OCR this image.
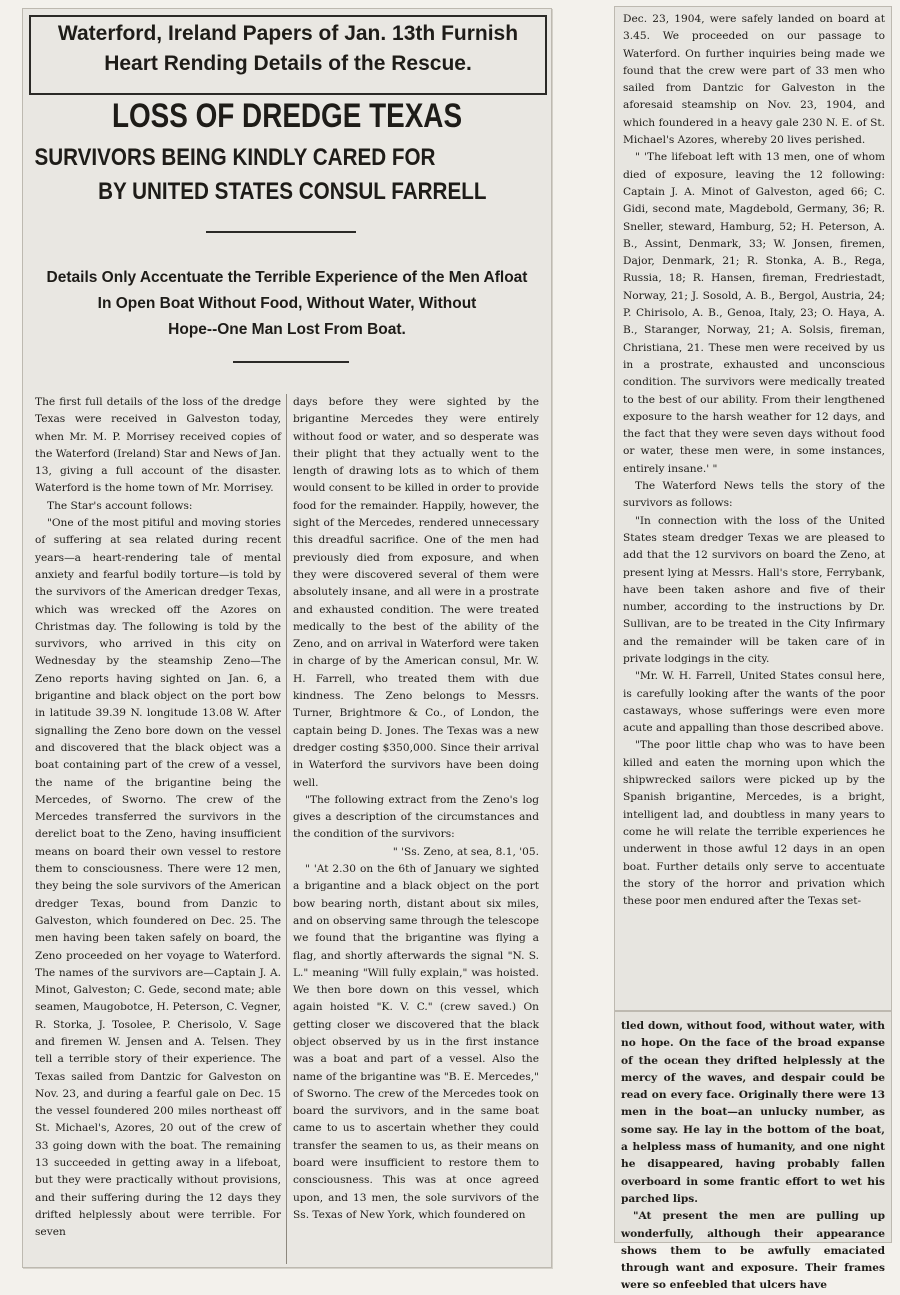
Waterford, Ireland Papers of Jan. 13th Furnish
Heart Rending Details of the Rescue.
LOSS OF DREDGE TEXAS
SURVIVORS BEING KINDLY CARED FOR
BY UNITED STATES CONSUL FARRELL
Details Only Accentuate the Terrible Experience of the Men Afloat
In Open Boat Without Food, Without Water, Without
Hope--One Man Lost From Boat.

The first full details of the loss of the dredge Texas were received in Galveston today, when Mr. M. P. Morrisey received copies of the Waterford (Ireland) Star and News of Jan. 13, giving a full account of the disaster. Waterford is the home town of Mr. Morrisey.

The Star's account follows:

"One of the most pitiful and moving stories of suffering at sea related during recent years—a heart-rendering tale of mental anxiety and fearful bodily torture—is told by the survivors of the American dredger Texas, which was wrecked off the Azores on Christmas day. The following is told by the survivors, who arrived in this city on Wednesday by the steamship Zeno—The Zeno reports having sighted on Jan. 6, a brigantine and black object on the port bow in latitude 39.39 N. longitude 13.08 W. After signalling the Zeno bore down on the vessel and discovered that the black object was a boat containing part of the crew of a vessel, the name of the brigantine being the Mercedes, of Sworno. The crew of the Mercedes transferred the survivors in the derelict boat to the Zeno, having insufficient means on board their own vessel to restore them to consciousness. There were 12 men, they being the sole survivors of the American dredger Texas, bound from Danzic to Galveston, which foundered on Dec. 25. The men having been taken safely on board, the Zeno proceeded on her voyage to Waterford. The names of the survivors are—Captain J. A. Minot, Galveston; C. Gede, second mate; able seamen, Maugobotce, H. Peterson, C. Vegner, R. Storka, J. Tosolee, P. Cherisolo, V. Sage and firemen W. Jensen and A. Telsen. They tell a terrible story of their experience. The Texas sailed from Dantzic for Galveston on Nov. 23, and during a fearful gale on Dec. 15 the vessel foundered 200 miles northeast off St. Michael's, Azores, 20 out of the crew of 33 going down with the boat. The remaining 13 succeeded in getting away in a lifeboat, but they were practically without provisions, and their suffering during the 12 days they drifted helplessly about were terrible. For seven

days before they were sighted by the brigantine Mercedes they were entirely without food or water, and so desperate was their plight that they actually went to the length of drawing lots as to which of them would consent to be killed in order to provide food for the remainder. Happily, however, the sight of the Mercedes, rendered unnecessary this dreadful sacrifice. One of the men had previously died from exposure, and when they were discovered several of them were absolutely insane, and all were in a prostrate and exhausted condition. The were treated medically to the best of the ability of the Zeno, and on arrival in Waterford were taken in charge of by the American consul, Mr. W. H. Farrell, who treated them with due kindness. The Zeno belongs to Messrs. Turner, Brightmore & Co., of London, the captain being D. Jones. The Texas was a new dredger costing $350,000. Since their arrival in Waterford the survivors have been doing well.

"The following extract from the Zeno's log gives a description of the circumstances and the condition of the survivors:

" 'Ss. Zeno, at sea, 8.1, '05.

" 'At 2.30 on the 6th of January we sighted a brigantine and a black object on the port bow bearing north, distant about six miles, and on observing same through the telescope we found that the brigantine was flying a flag, and shortly afterwards the signal "N. S. L." meaning "Will fully explain," was hoisted. We then bore down on this vessel, which again hoisted "K. V. C." (crew saved.) On getting closer we discovered that the black object observed by us in the first instance was a boat and part of a vessel. Also the name of the brigantine was "B. E. Mercedes," of Sworno. The crew of the Mercedes took on board the survivors, and in the same boat came to us to ascertain whether they could transfer the seamen to us, as their means on board were insufficient to restore them to consciousness. This was at once agreed upon, and 13 men, the sole survivors of the Ss. Texas of New York, which foundered on

Dec. 23, 1904, were safely landed on board at 3.45. We proceeded on our passage to Waterford. On further inquiries being made we found that the crew were part of 33 men who sailed from Dantzic for Galveston in the aforesaid steamship on Nov. 23, 1904, and which foundered in a heavy gale 230 N. E. of St. Michael's Azores, whereby 20 lives perished.

" 'The lifeboat left with 13 men, one of whom died of exposure, leaving the 12 following: Captain J. A. Minot of Galveston, aged 66; C. Gidi, second mate, Magdebold, Germany, 36; R. Sneller, steward, Hamburg, 52; H. Peterson, A. B., Assint, Denmark, 33; W. Jonsen, firemen, Dajor, Denmark, 21; R. Stonka, A. B., Rega, Russia, 18; R. Hansen, fireman, Fredriestadt, Norway, 21; J. Sosold, A. B., Bergol, Austria, 24; P. Chirisolo, A. B., Genoa, Italy, 23; O. Haya, A. B., Staranger, Norway, 21; A. Solsis, fireman, Christiana, 21. These men were received by us in a prostrate, exhausted and unconscious condition. The survivors were medically treated to the best of our ability. From their lengthened exposure to the harsh weather for 12 days, and the fact that they were seven days without food or water, these men were, in some instances, entirely insane.' "

The Waterford News tells the story of the survivors as follows:

"In connection with the loss of the United States steam dredger Texas we are pleased to add that the 12 survivors on board the Zeno, at present lying at Messrs. Hall's store, Ferrybank, have been taken ashore and five of their number, according to the instructions by Dr. Sullivan, are to be treated in the City Infirmary and the remainder will be taken care of in private lodgings in the city.

"Mr. W. H. Farrell, United States consul here, is carefully looking after the wants of the poor castaways, whose sufferings were even more acute and appalling than those described above.

"The poor little chap who was to have been killed and eaten the morning upon which the shipwrecked sailors were picked up by the Spanish brigantine, Mercedes, is a bright, intelligent lad, and doubtless in many years to come he will relate the terrible experiences he underwent in those awful 12 days in an open boat. Further details only serve to accentuate the story of the horror and privation which these poor men endured after the Texas set-

tled down, without food, without water, with no hope. On the face of the broad expanse of the ocean they drifted helplessly at the mercy of the waves, and despair could be read on every face. Originally there were 13 men in the boat—an unlucky number, as some say. He lay in the bottom of the boat, a helpless mass of humanity, and one night he disappeared, having probably fallen overboard in some frantic effort to wet his parched lips.

"At present the men are pulling up wonderfully, although their appearance shows them to be awfully emaciated through want and exposure. Their frames were so enfeebled that ulcers have
